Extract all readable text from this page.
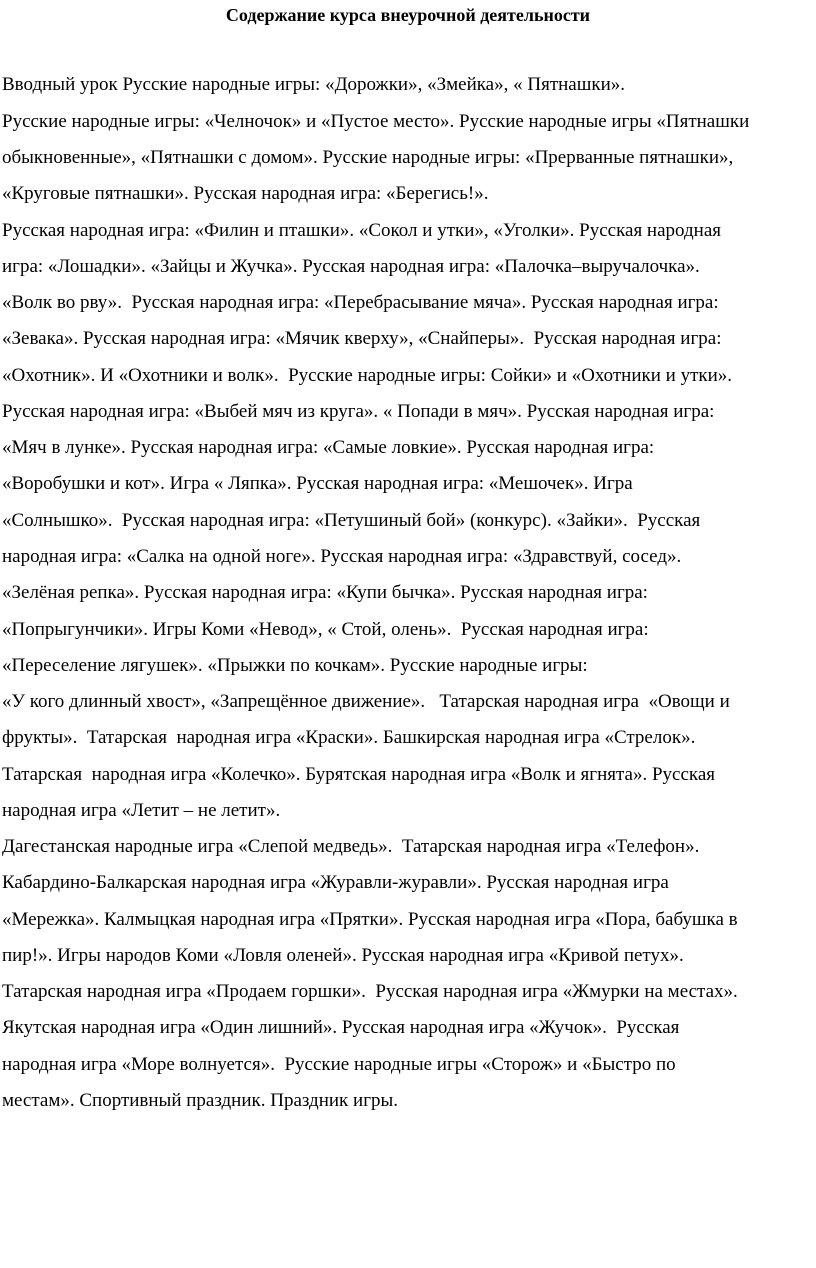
Содержание курса внеурочной деятельности
Вводный урок Русские народные игры: «Дорожки», «Змейка», « Пятнашки».
Русские народные игры: «Челночок» и «Пустое место». Русские народные игры «Пятнашки
обыкновенные», «Пятнашки с домом». Русские народные игры: «Прерванные пятнашки»,
«Круговые пятнашки». Русская народная игра: «Берегись!».
Русская народная игра: «Филин и пташки». «Сокол и утки», «Уголки». Русская народная
игра: «Лошадки». «Зайцы и Жучка». Русская народная игра: «Палочка–выручалочка».
«Волк во рву».  Русская народная игра: «Перебрасывание мяча». Русская народная игра:
«Зевака». Русская народная игра: «Мячик кверху», «Снайперы».  Русская народная игра:
«Охотник». И «Охотники и волк».  Русские народные игры: Сойки» и «Охотники и утки».
Русская народная игра: «Выбей мяч из круга». « Попади в мяч». Русская народная игра:
«Мяч в лунке». Русская народная игра: «Самые ловкие». Русская народная игра:
«Воробушки и кот». Игра « Ляпка». Русская народная игра: «Мешочек». Игра
«Солнышко».  Русская народная игра: «Петушиный бой» (конкурс). «Зайки».  Русская
народная игра: «Салка на одной ноге». Русская народная игра: «Здравствуй, сосед».
«Зелёная репка». Русская народная игра: «Купи бычка». Русская народная игра:
«Попрыгунчики». Игры Коми «Невод», « Стой, олень».  Русская народная игра:
«Переселение лягушек». «Прыжки по кочкам». Русские народные игры:
«У кого длинный хвост», «Запрещённое движение».   Татарская народная игра  «Овощи и
фрукты».  Татарская  народная игра «Краски». Башкирская народная игра «Стрелок».
Татарская  народная игра «Колечко». Бурятская народная игра «Волк и ягнята». Русская
народная игра «Летит – не летит».
Дагестанская народные игра «Слепой медведь».  Татарская народная игра «Телефон».
Кабардино-Балкарская народная игра «Журавли-журавли». Русская народная игра
«Мережка». Калмыцкая народная игра «Прятки». Русская народная игра «Пора, бабушка в
пир!». Игры народов Коми «Ловля оленей». Русская народная игра «Кривой петух».
Татарская народная игра «Продаем горшки».  Русская народная игра «Жмурки на местах».
Якутская народная игра «Один лишний». Русская народная игра «Жучок».  Русская
народная игра «Море волнуется».  Русские народные игры «Сторож» и «Быстро по
местам». Спортивный праздник. Праздник игры.
